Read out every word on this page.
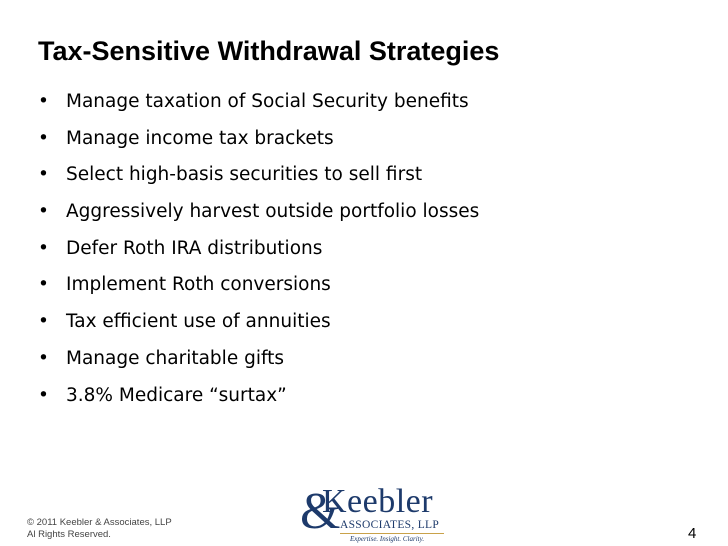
Tax-Sensitive Withdrawal Strategies
• Manage taxation of Social Security benefits
• Manage income tax brackets
• Select high-basis securities to sell first
• Aggressively harvest outside portfolio losses
• Defer Roth IRA distributions
• Implement Roth conversions
• Tax efficient use of annuities
• Manage charitable gifts
• 3.8% Medicare “surtax”
© 2011 Keebler & Associates, LLP
Al Rights Reserved.	&
Keebler
ASSOCIATES, LLP
Expertise. Insight. Clarity.	4
